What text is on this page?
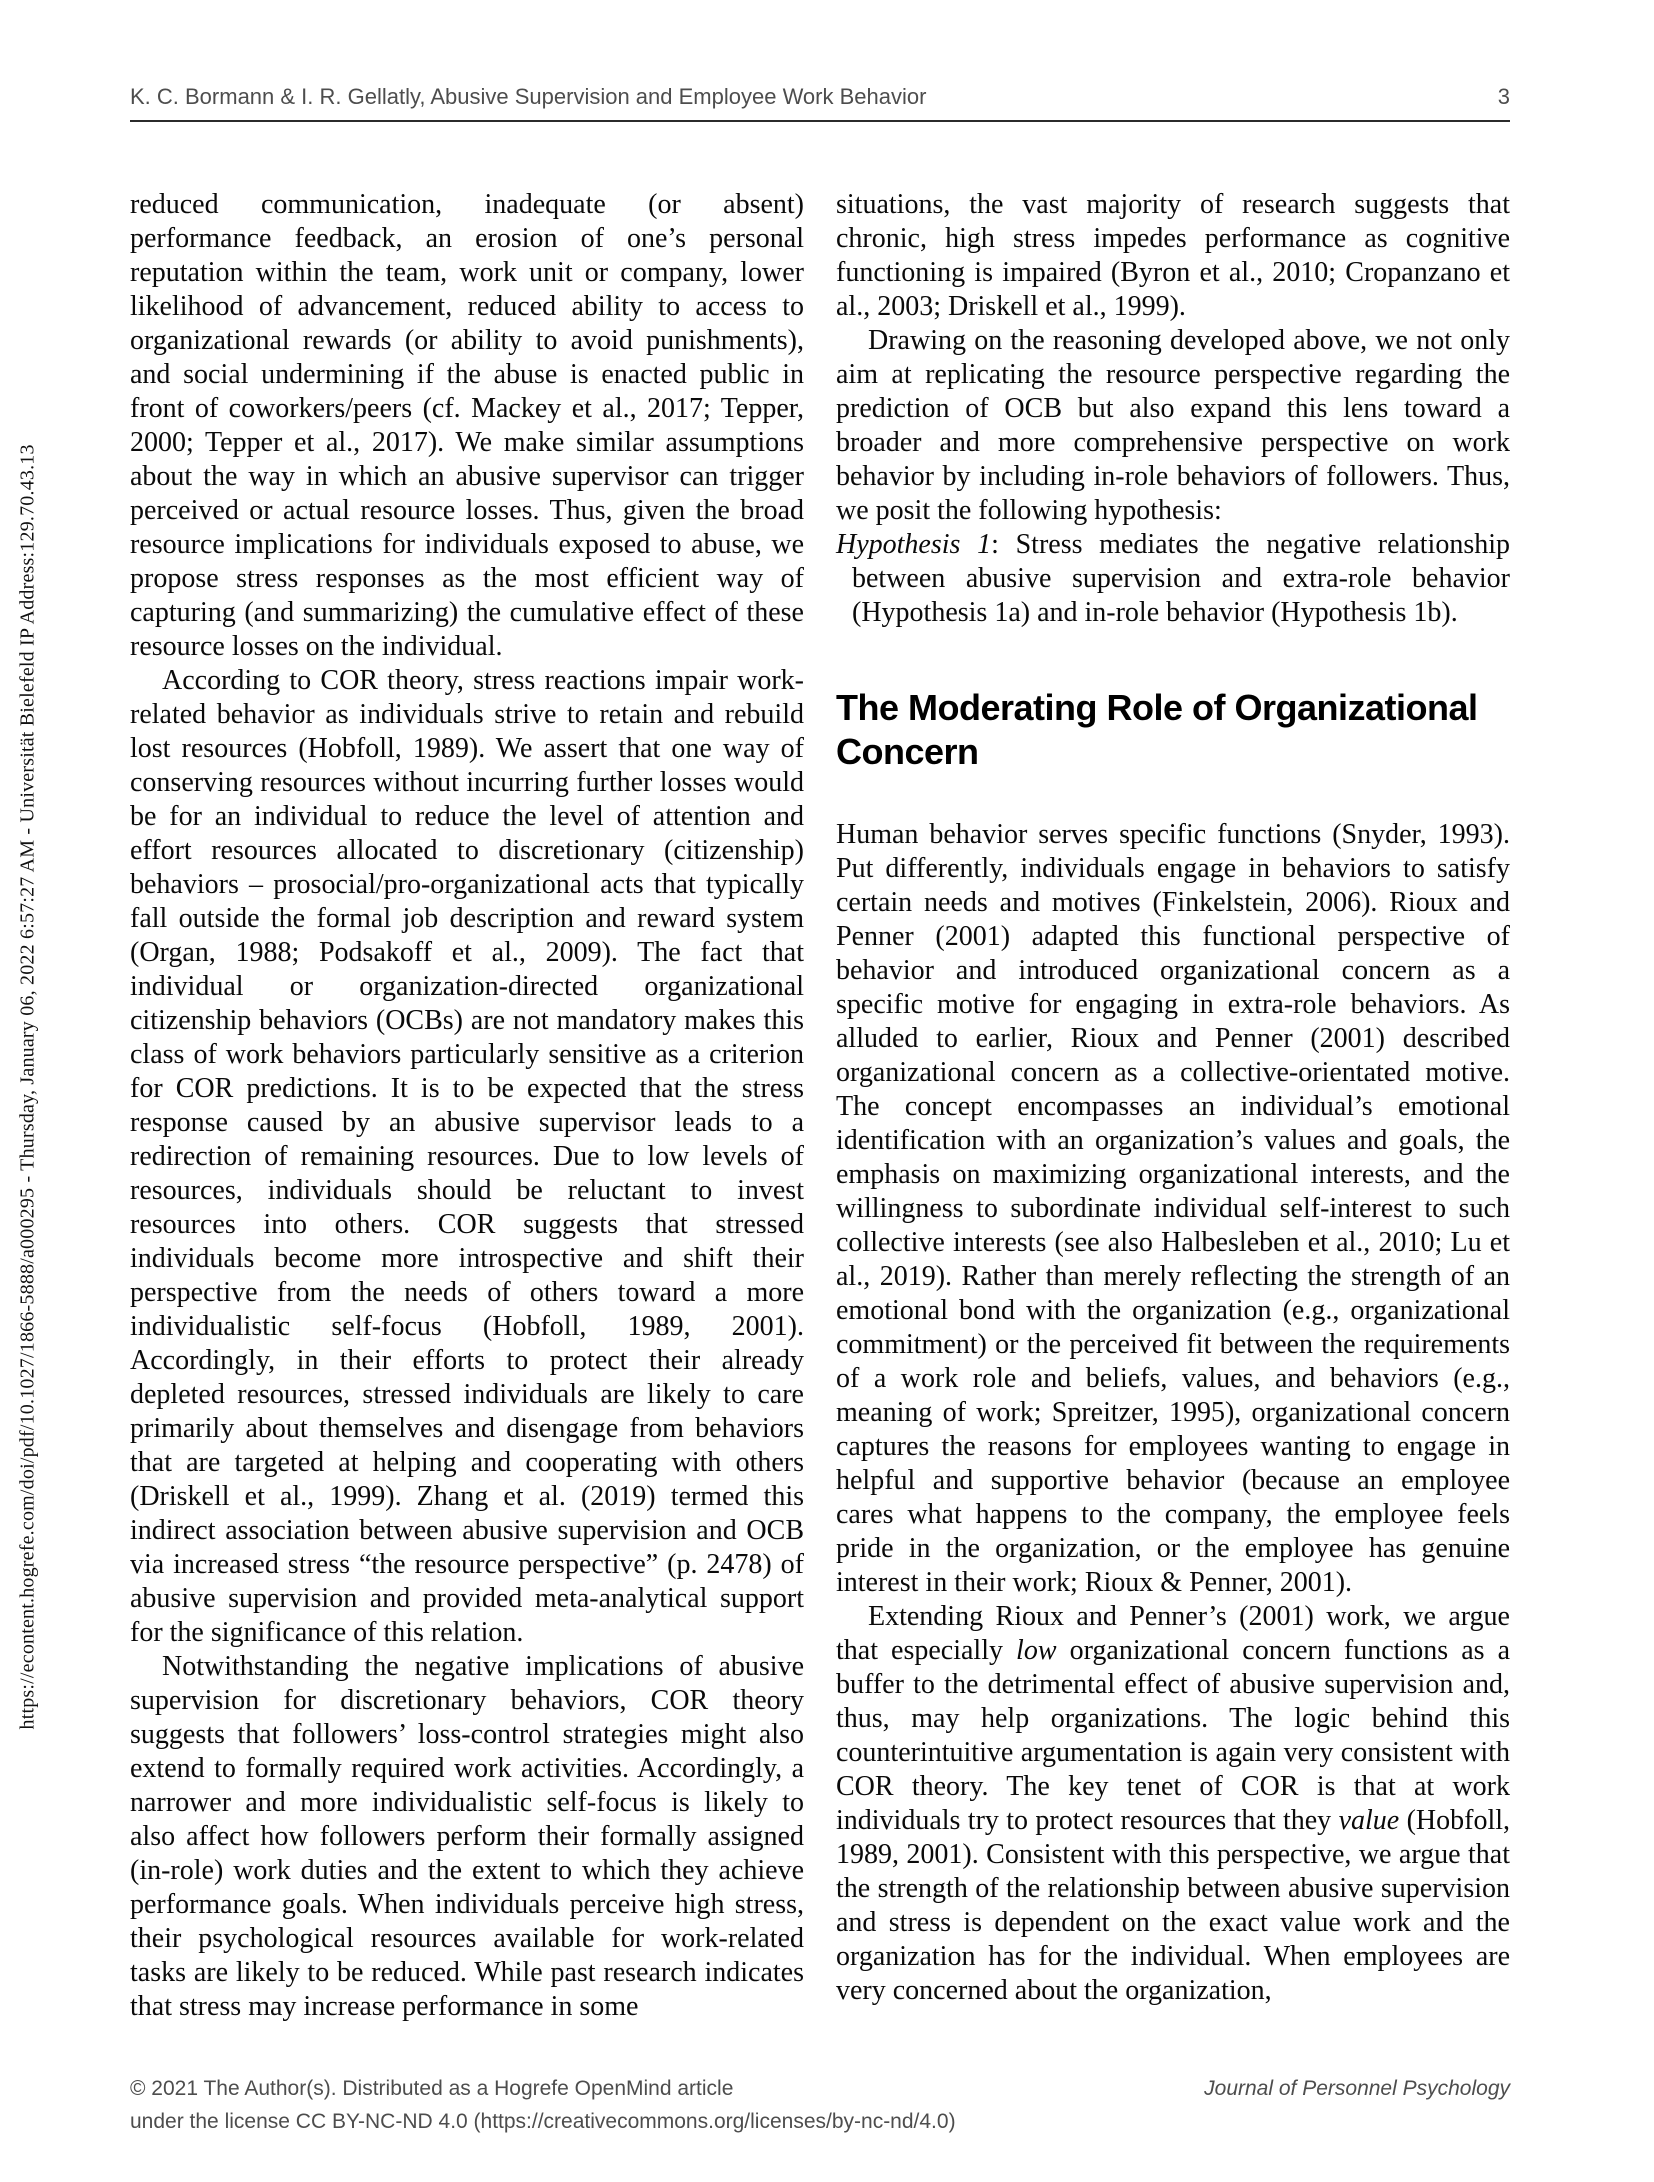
https://econtent.hogrefe.com/doi/pdf/10.1027/1866-5888/a000295 - Thursday, January 06, 2022 6:57:27 AM - Universität Bielefeld IP Address:129.70.43.13
K. C. Bormann & I. R. Gellatly, Abusive Supervision and Employee Work Behavior	3

reduced communication, inadequate (or absent) performance feedback, an erosion of one’s personal reputation within the team, work unit or company, lower likelihood of advancement, reduced ability to access to organizational rewards (or ability to avoid punishments), and social undermining if the abuse is enacted public in front of coworkers/peers (cf. Mackey et al., 2017; Tepper, 2000; Tepper et al., 2017). We make similar assumptions about the way in which an abusive supervisor can trigger perceived or actual resource losses. Thus, given the broad resource implications for individuals exposed to abuse, we propose stress responses as the most efficient way of capturing (and summarizing) the cumulative effect of these resource losses on the individual.

According to COR theory, stress reactions impair work-related behavior as individuals strive to retain and rebuild lost resources (Hobfoll, 1989). We assert that one way of conserving resources without incurring further losses would be for an individual to reduce the level of attention and effort resources allocated to discretionary (citizenship) behaviors – prosocial/pro-organizational acts that typically fall outside the formal job description and reward system (Organ, 1988; Podsakoff et al., 2009). The fact that individual or organization-directed organizational citizenship behaviors (OCBs) are not mandatory makes this class of work behaviors particularly sensitive as a criterion for COR predictions. It is to be expected that the stress response caused by an abusive supervisor leads to a redirection of remaining resources. Due to low levels of resources, individuals should be reluctant to invest resources into others. COR suggests that stressed individuals become more introspective and shift their perspective from the needs of others toward a more individualistic self-focus (Hobfoll, 1989, 2001). Accordingly, in their efforts to protect their already depleted resources, stressed individuals are likely to care primarily about themselves and disengage from behaviors that are targeted at helping and cooperating with others (Driskell et al., 1999). Zhang et al. (2019) termed this indirect association between abusive supervision and OCB via increased stress “the resource perspective” (p. 2478) of abusive supervision and provided meta-analytical support for the significance of this relation.

Notwithstanding the negative implications of abusive supervision for discretionary behaviors, COR theory suggests that followers’ loss-control strategies might also extend to formally required work activities. Accordingly, a narrower and more individualistic self-focus is likely to also affect how followers perform their formally assigned (in-role) work duties and the extent to which they achieve performance goals. When individuals perceive high stress, their psychological resources available for work-related tasks are likely to be reduced. While past research indicates that stress may increase performance in some

situations, the vast majority of research suggests that chronic, high stress impedes performance as cognitive functioning is impaired (Byron et al., 2010; Cropanzano et al., 2003; Driskell et al., 1999).

Drawing on the reasoning developed above, we not only aim at replicating the resource perspective regarding the prediction of OCB but also expand this lens toward a broader and more comprehensive perspective on work behavior by including in-role behaviors of followers. Thus, we posit the following hypothesis:

Hypothesis 1: Stress mediates the negative relationship between abusive supervision and extra-role behavior (Hypothesis 1a) and in-role behavior (Hypothesis 1b).

The Moderating Role of Organizational Concern

Human behavior serves specific functions (Snyder, 1993). Put differently, individuals engage in behaviors to satisfy certain needs and motives (Finkelstein, 2006). Rioux and Penner (2001) adapted this functional perspective of behavior and introduced organizational concern as a specific motive for engaging in extra-role behaviors. As alluded to earlier, Rioux and Penner (2001) described organizational concern as a collective-orientated motive. The concept encompasses an individual’s emotional identification with an organization’s values and goals, the emphasis on maximizing organizational interests, and the willingness to subordinate individual self-interest to such collective interests (see also Halbesleben et al., 2010; Lu et al., 2019). Rather than merely reflecting the strength of an emotional bond with the organization (e.g., organizational commitment) or the perceived fit between the requirements of a work role and beliefs, values, and behaviors (e.g., meaning of work; Spreitzer, 1995), organizational concern captures the reasons for employees wanting to engage in helpful and supportive behavior (because an employee cares what happens to the company, the employee feels pride in the organization, or the employee has genuine interest in their work; Rioux & Penner, 2001).

Extending Rioux and Penner’s (2001) work, we argue that especially low organizational concern functions as a buffer to the detrimental effect of abusive supervision and, thus, may help organizations. The logic behind this counterintuitive argumentation is again very consistent with COR theory. The key tenet of COR is that at work individuals try to protect resources that they value (Hobfoll, 1989, 2001). Consistent with this perspective, we argue that the strength of the relationship between abusive supervision and stress is dependent on the exact value work and the organization has for the individual. When employees are very concerned about the organization,

© 2021 The Author(s). Distributed as a Hogrefe OpenMind article
under the license CC BY-NC-ND 4.0 (https://creativecommons.org/licenses/by-nc-nd/4.0)
Journal of Personnel Psychology
